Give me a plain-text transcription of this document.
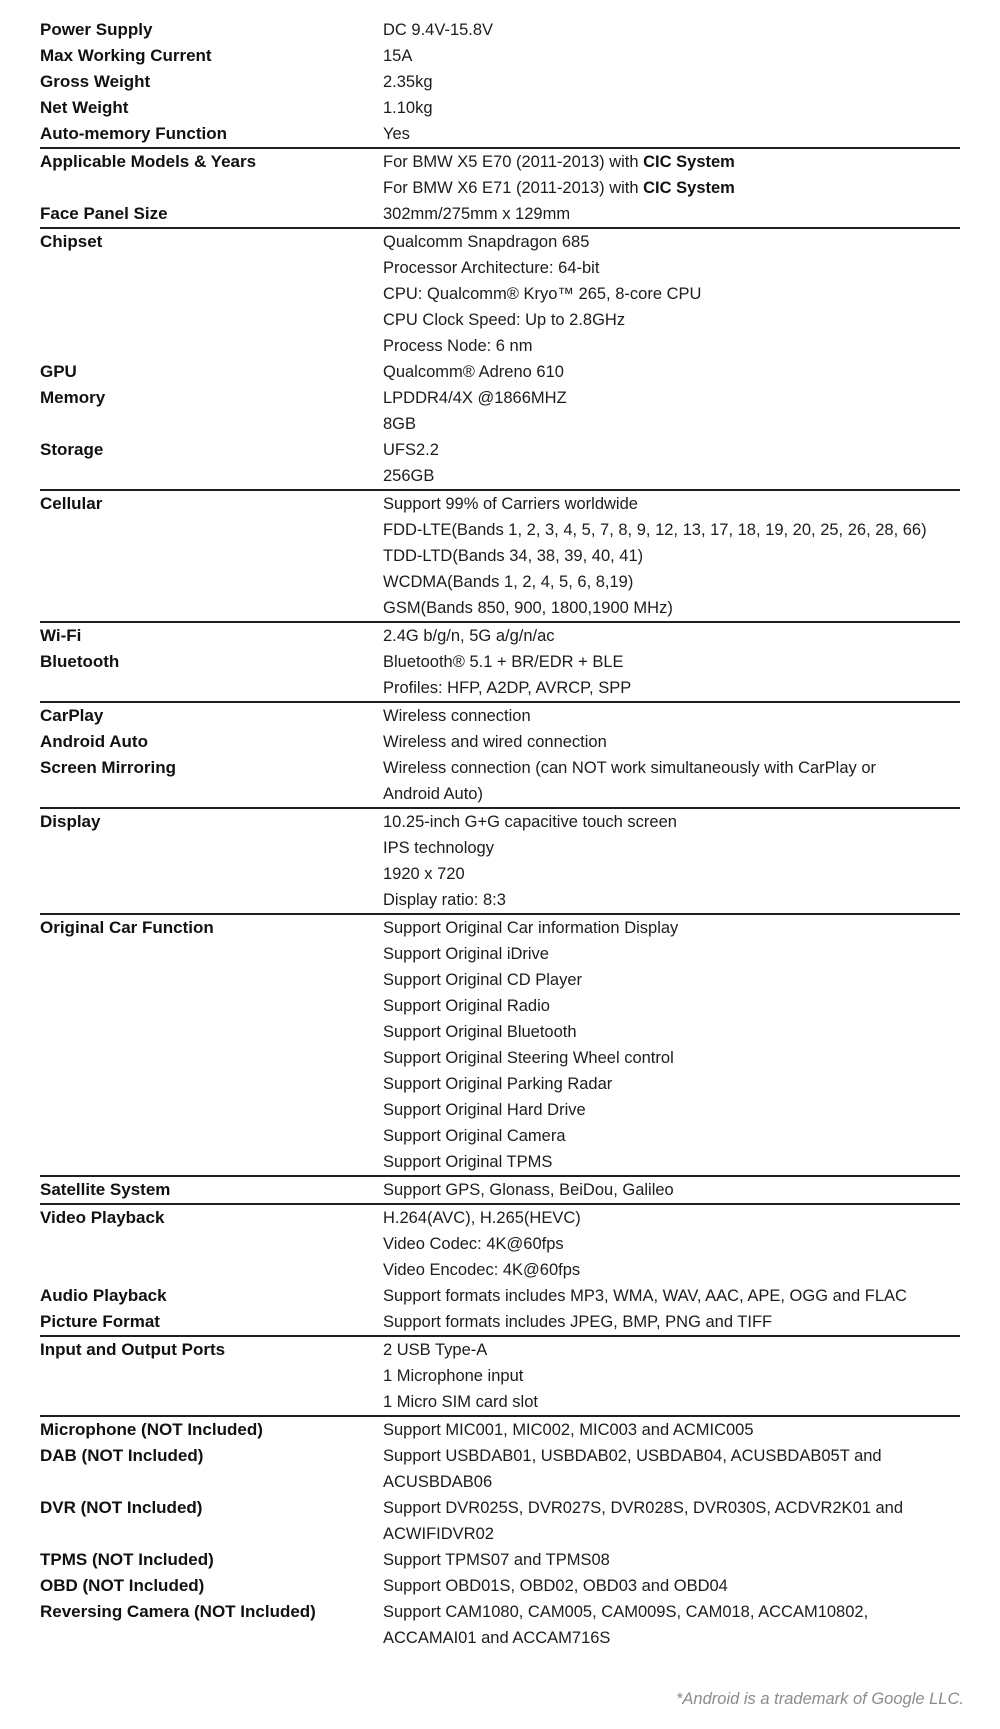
Power Supply	DC 9.4V-15.8V
Max Working Current	15A
Gross Weight	2.35kg
Net Weight	1.10kg
Auto-memory Function	Yes
Applicable Models & Years	For BMW X5 E70 (2011-2013) with CIC System
For BMW X6 E71 (2011-2013) with CIC System
Face Panel Size	302mm/275mm x 129mm
Chipset	Qualcomm Snapdragon 685
Processor Architecture: 64-bit
CPU: Qualcomm® Kryo™ 265, 8-core CPU
CPU Clock Speed: Up to 2.8GHz
Process Node: 6 nm
GPU	Qualcomm® Adreno 610
Memory	LPDDR4/4X @1866MHZ
8GB
Storage	UFS2.2
256GB
Cellular	Support 99% of Carriers worldwide
FDD-LTE(Bands 1, 2, 3, 4, 5, 7, 8, 9, 12, 13, 17, 18, 19, 20, 25, 26, 28, 66)
TDD-LTD(Bands 34, 38, 39, 40, 41)
WCDMA(Bands 1, 2, 4, 5, 6, 8,19)
GSM(Bands 850, 900, 1800,1900 MHz)
Wi-Fi	2.4G b/g/n, 5G a/g/n/ac
Bluetooth	Bluetooth® 5.1 + BR/EDR + BLE
Profiles: HFP, A2DP, AVRCP, SPP
CarPlay	Wireless connection
Android Auto	Wireless and wired connection
Screen Mirroring	Wireless connection (can NOT work simultaneously with CarPlay or
Android Auto)
Display	10.25-inch G+G capacitive touch screen
IPS technology
1920 x 720
Display ratio: 8:3
Original Car Function	Support Original Car information Display
Support Original iDrive
Support Original CD Player
Support Original Radio
Support Original Bluetooth
Support Original Steering Wheel control
Support Original Parking Radar
Support Original Hard Drive
Support Original Camera
Support Original TPMS
Satellite System	Support GPS, Glonass, BeiDou, Galileo
Video Playback	H.264(AVC), H.265(HEVC)
Video Codec: 4K@60fps
Video Encodec: 4K@60fps
Audio Playback	Support formats includes MP3, WMA, WAV, AAC, APE, OGG and FLAC
Picture Format	Support formats includes JPEG, BMP, PNG and TIFF
Input and Output Ports	2 USB Type-A
1 Microphone input
1 Micro SIM card slot
Microphone (NOT Included)	Support MIC001, MIC002, MIC003 and ACMIC005
DAB (NOT Included)	Support USBDAB01, USBDAB02, USBDAB04, ACUSBDAB05T and
ACUSBDAB06
DVR (NOT Included)	Support DVR025S, DVR027S, DVR028S, DVR030S, ACDVR2K01 and
ACWIFIDVR02
TPMS (NOT Included)	Support TPMS07 and TPMS08
OBD (NOT Included)	Support OBD01S, OBD02, OBD03 and OBD04
Reversing Camera (NOT Included)	Support CAM1080, CAM005, CAM009S, CAM018, ACCAM10802,
ACCAMAI01 and ACCAM716S
*Android is a trademark of Google LLC.
